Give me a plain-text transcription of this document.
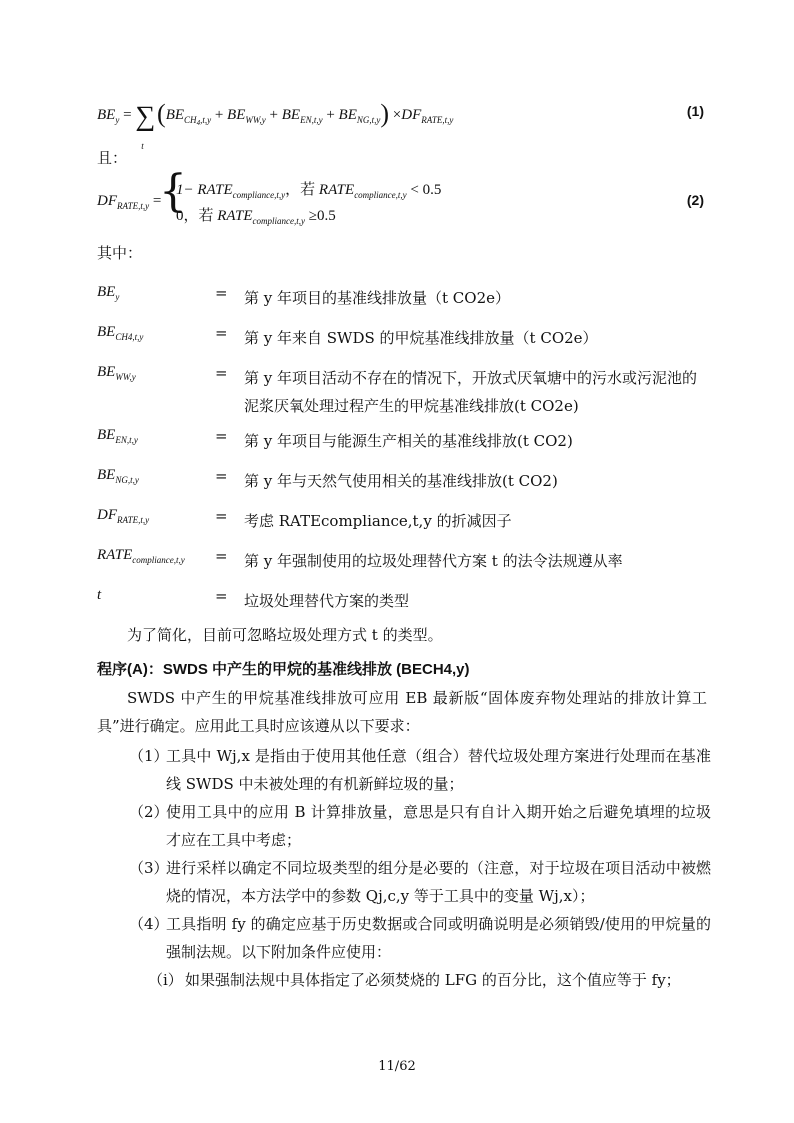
$BE_y$ = ∑
t
$(BE_{CH_4,t,y} + BE_{WW,y} + BE_{EN,t,y} + BE_{NG,t,y}) \times DF_{RATE,t,y}$
(1)
且：
$DF_{RATE,t,y}$ =
{
$1- RATE_{compliance,t,y}$，若 $RATE_{compliance,t,y} < 0.5$
0，若 $RATE_{compliance,t,y} \ge 0.5$
(2)
其中：
$BE_y$	= 第 y 年项目的基准线排放量（t CO2e）
$BE_{CH4,t,y}$	= 第 y 年来自 SWDS 的甲烷基准线排放量（t CO2e）
$BE_{WW,y}$	= 第 y 年项目活动不存在的情况下，开放式厌氧塘中的污水或污泥池的泥浆厌氧处理过程产生的甲烷基准线排放(t CO2e)
$BE_{EN,t,y}$	= 第 y 年项目与能源生产相关的基准线排放(t CO2)
$BE_{NG,t,y}$	= 第 y 年与天然气使用相关的基准线排放(t CO2)
$DF_{RATE,t,y}$	= 考虑 RATEcompliance,t,y 的折减因子
$RATE_{compliance,t,y}$ = 第 y 年强制使用的垃圾处理替代方案 t 的法令法规遵从率
t	= 垃圾处理替代方案的类型
为了简化，目前可忽略垃圾处理方式 t 的类型。
程序(A)：SWDS 中产生的甲烷的基准线排放 (BECH4,y)
SWDS 中产生的甲烷基准线排放可应用 EB 最新版“固体废弃物处理站的排放计算工具”进行确定。应用此工具时应该遵从以下要求：
（1）
工具中 Wj,x 是指由于使用其他任意（组合）替代垃圾处理方案进行处理而在基准线 SWDS 中未被处理的有机新鲜垃圾的量；
（2）
使用工具中的应用 B 计算排放量，意思是只有自计入期开始之后避免填埋的垃圾才应在工具中考虑；
（3）
进行采样以确定不同垃圾类型的组分是必要的（注意，对于垃圾在项目活动中被燃烧的情况，本方法学中的参数 Qj,c,y 等于工具中的变量 Wj,x）；
（4）
工具指明 fy 的确定应基于历史数据或合同或明确说明是必须销毁/使用的甲烷量的强制法规。以下附加条件应使用：
（i） 如果强制法规中具体指定了必须焚烧的 LFG 的百分比，这个值应等于 fy；
11/62
